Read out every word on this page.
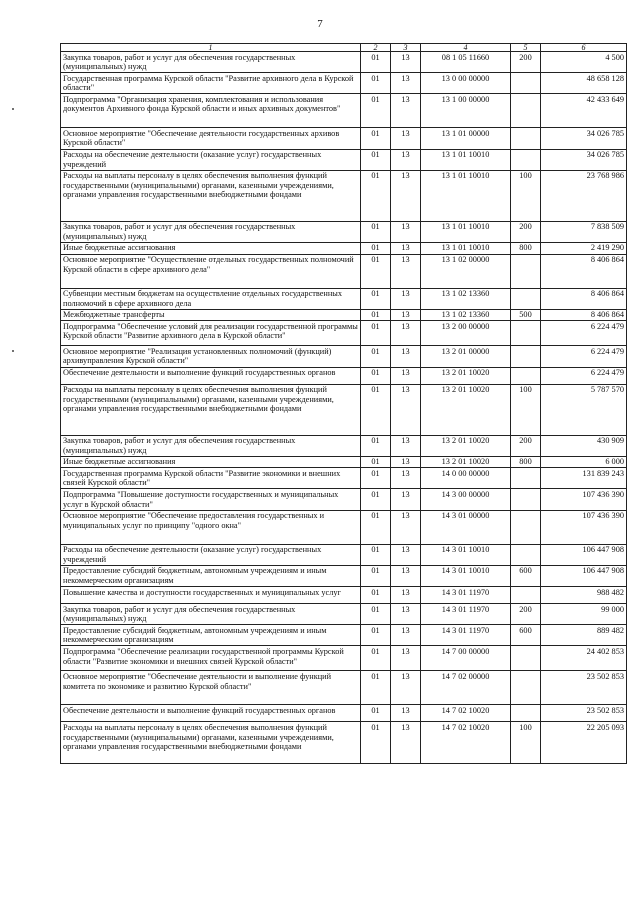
7
1	2	3	4	5	6
Закупка товаров, работ и услуг для обеспечения государственных (муниципальных) нужд	01	13	08 1 05 11660	200	4 500
Государственная программа Курской области "Развитие архивного дела в Курской области"	01	13	13 0 00 00000		48 658 128
Подпрограмма "Организация хранения, комплектования и использования документов Архивного фонда Курской области и иных архивных документов"	01	13	13 1 00 00000		42 433 649
Основное мероприятие "Обеспечение деятельности государственных архивов Курской области"	01	13	13 1 01 00000		34 026 785
Расходы на обеспечение деятельности (оказание услуг) государственных учреждений	01	13	13 1 01 10010		34 026 785
Расходы на выплаты персоналу в целях обеспечения выполнения функций государственными (муниципальными) органами, казенными учреждениями, органами управления государственными внебюджетными фондами	01	13	13 1 01 10010	100	23 768 986
Закупка товаров, работ и услуг для обеспечения государственных (муниципальных) нужд	01	13	13 1 01 10010	200	7 838 509
Иные бюджетные ассигнования	01	13	13 1 01 10010	800	2 419 290
Основное мероприятие "Осуществление отдельных государственных полномочий Курской области в сфере архивного дела"	01	13	13 1 02 00000		8 406 864
Субвенции местным бюджетам на осуществление отдельных государственных полномочий в сфере архивного дела	01	13	13 1 02 13360		8 406 864
Межбюджетные трансферты	01	13	13 1 02 13360	500	8 406 864
Подпрограмма "Обеспечение условий для реализации государственной программы Курской области "Развитие архивного дела в Курской области"	01	13	13 2 00 00000		6 224 479
Основное мероприятие "Реализация установленных полномочий (функций) архивуправления Курской области"	01	13	13 2 01 00000		6 224 479
Обеспечение деятельности и выполнение функций государственных органов	01	13	13 2 01 10020		6 224 479
Расходы на выплаты персоналу в целях обеспечения выполнения функций государственными (муниципальными) органами, казенными учреждениями, органами управления государственными внебюджетными фондами	01	13	13 2 01 10020	100	5 787 570
Закупка товаров, работ и услуг для обеспечения государственных (муниципальных) нужд	01	13	13 2 01 10020	200	430 909
Иные бюджетные ассигнования	01	13	13 2 01 10020	800	6 000
Государственная программа Курской области "Развитие экономики и внешних связей Курской области"	01	13	14 0 00 00000		131 839 243
Подпрограмма "Повышение доступности государственных и муниципальных услуг в Курской области"	01	13	14 3 00 00000		107 436 390
Основное мероприятие "Обеспечение предоставления государственных и муниципальных услуг по принципу "одного окна"	01	13	14 3 01 00000		107 436 390
Расходы на обеспечение деятельности (оказание услуг) государственных учреждений	01	13	14 3 01 10010		106 447 908
Предоставление субсидий бюджетным, автономным учреждениям и иным некоммерческим организациям	01	13	14 3 01 10010	600	106 447 908
Повышение качества и доступности государственных и муниципальных услуг	01	13	14 3 01 11970		988 482
Закупка товаров, работ и услуг для обеспечения государственных (муниципальных) нужд	01	13	14 3 01 11970	200	99 000
Предоставление субсидий бюджетным, автономным учреждениям и иным некоммерческим организациям	01	13	14 3 01 11970	600	889 482
Подпрограмма "Обеспечение реализации государственной программы Курской области "Развитие экономики и внешних связей Курской области"	01	13	14 7 00 00000		24 402 853
Основное мероприятие "Обеспечение деятельности и выполнение функций комитета по экономике и развитию Курской области"	01	13	14 7 02 00000		23 502 853
Обеспечение деятельности и выполнение функций государственных органов	01	13	14 7 02 10020		23 502 853
Расходы на выплаты персоналу в целях обеспечения выполнения функций государственными (муниципальными) органами, казенными учреждениями, органами управления государственными внебюджетными фондами	01	13	14 7 02 10020	100	22 205 093
